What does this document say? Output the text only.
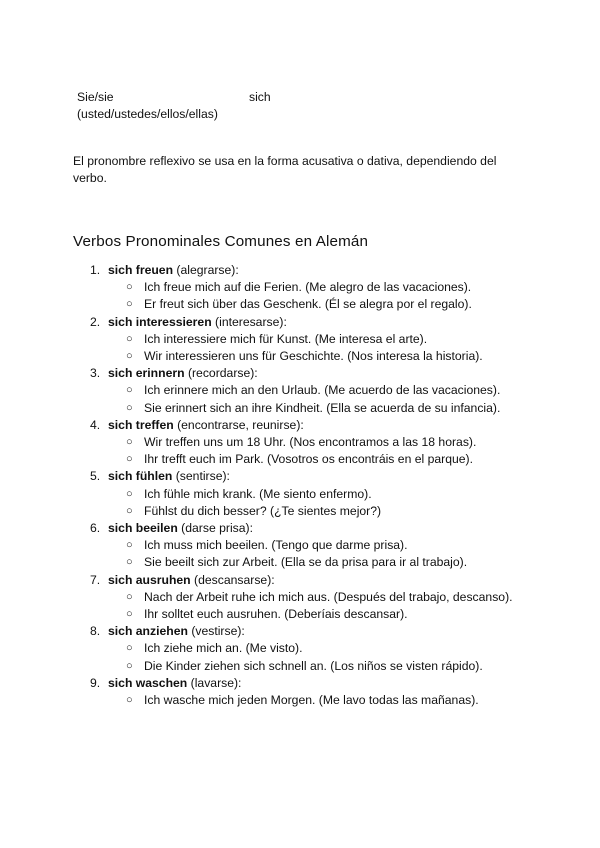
Sie/sie
(usted/ustedes/ellos/ellas)
sich

El pronombre reflexivo se usa en la forma acusativa o dativa, dependiendo del verbo.

Verbos Pronominales Comunes en Alemán
1. sich freuen (alegrarse):
○ Ich freue mich auf die Ferien. (Me alegro de las vacaciones).
○ Er freut sich über das Geschenk. (Él se alegra por el regalo).
2. sich interessieren (interesarse):
○ Ich interessiere mich für Kunst. (Me interesa el arte).
○ Wir interessieren uns für Geschichte. (Nos interesa la historia).
3. sich erinnern (recordarse):
○ Ich erinnere mich an den Urlaub. (Me acuerdo de las vacaciones).
○ Sie erinnert sich an ihre Kindheit. (Ella se acuerda de su infancia).
4. sich treffen (encontrarse, reunirse):
○ Wir treffen uns um 18 Uhr. (Nos encontramos a las 18 horas).
○ Ihr trefft euch im Park. (Vosotros os encontráis en el parque).
5. sich fühlen (sentirse):
○ Ich fühle mich krank. (Me siento enfermo).
○ Fühlst du dich besser? (¿Te sientes mejor?)
6. sich beeilen (darse prisa):
○ Ich muss mich beeilen. (Tengo que darme prisa).
○ Sie beeilt sich zur Arbeit. (Ella se da prisa para ir al trabajo).
7. sich ausruhen (descansarse):
○ Nach der Arbeit ruhe ich mich aus. (Después del trabajo, descanso).
○ Ihr solltet euch ausruhen. (Deberíais descansar).
8. sich anziehen (vestirse):
○ Ich ziehe mich an. (Me visto).
○ Die Kinder ziehen sich schnell an. (Los niños se visten rápido).
9. sich waschen (lavarse):
○ Ich wasche mich jeden Morgen. (Me lavo todas las mañanas).
